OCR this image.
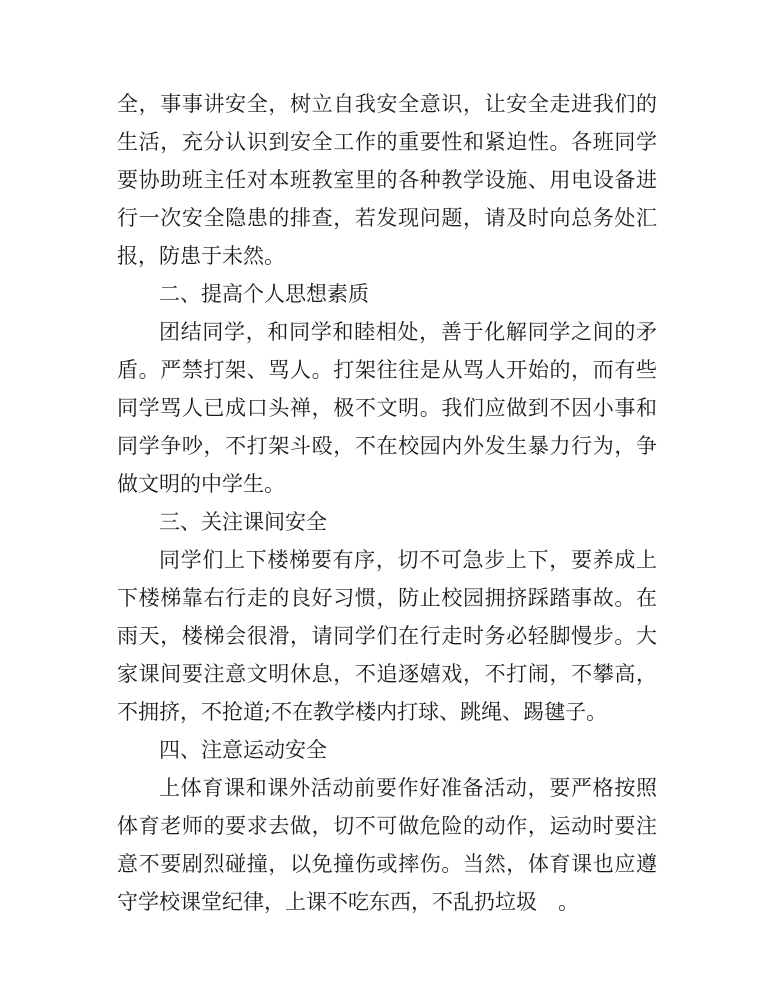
全，事事讲安全，树立自我安全意识，让安全走进我们的
生活，充分认识到安全工作的重要性和紧迫性。各班同学
要协助班主任对本班教室里的各种教学设施、用电设备进
行一次安全隐患的排查，若发现问题，请及时向总务处汇
报，防患于未然。
二、提高个人思想素质
团结同学，和同学和睦相处，善于化解同学之间的矛
盾。严禁打架、骂人。打架往往是从骂人开始的，而有些
同学骂人已成口头禅，极不文明。我们应做到不因小事和
同学争吵，不打架斗殴，不在校园内外发生暴力行为，争
做文明的中学生。
三、关注课间安全
同学们上下楼梯要有序，切不可急步上下，要养成上
下楼梯靠右行走的良好习惯，防止校园拥挤踩踏事故。在
雨天，楼梯会很滑，请同学们在行走时务必轻脚慢步。大
家课间要注意文明休息，不追逐嬉戏，不打闹，不攀高，
不拥挤，不抢道;不在教学楼内打球、跳绳、踢毽子。
四、注意运动安全
上体育课和课外活动前要作好准备活动，要严格按照
体育老师的要求去做，切不可做危险的动作，运动时要注
意不要剧烈碰撞，以免撞伤或摔伤。当然，体育课也应遵
守学校课堂纪律，上课不吃东西，不乱扔垃圾　。
